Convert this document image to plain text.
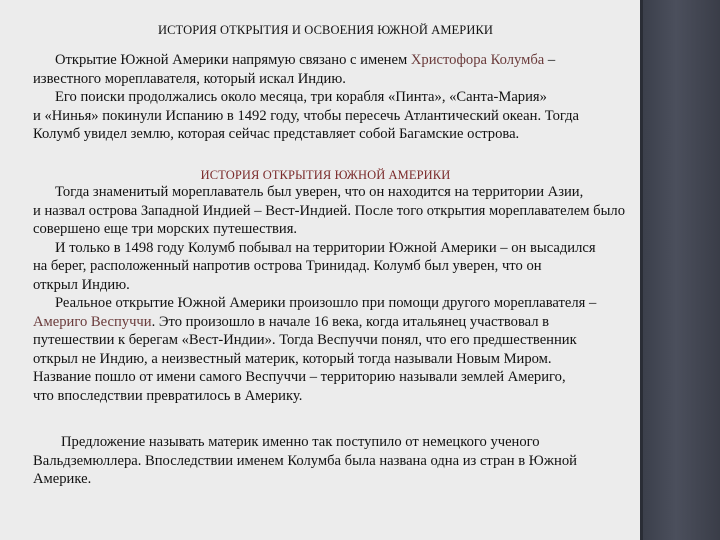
ИСТОРИЯ ОТКРЫТИЯ И ОСВОЕНИЯ ЮЖНОЙ АМЕРИКИ
Открытие Южной Америки напрямую связано с именем Христофора Колумба –
известного мореплавателя, который искал Индию.
Его поиски продолжались около месяца, три корабля «Пинта», «Санта-Мария»
и «Нинья» покинули Испанию в 1492 году, чтобы пересечь Атлантический океан. Тогда
Колумб увидел землю, которая сейчас представляет собой Багамские острова.
ИСТОРИЯ ОТКРЫТИЯ ЮЖНОЙ АМЕРИКИ
Тогда знаменитый мореплаватель был уверен, что он находится на территории Азии,
и назвал острова Западной Индией – Вест-Индией. После того открытия мореплавателем было
совершено еще три морских путешествия.
И только в 1498 году Колумб побывал на территории Южной Америки – он высадился
на берег, расположенный напротив острова Тринидад. Колумб был уверен, что он
открыл Индию.
Реальное открытие Южной Америки произошло при помощи другого мореплавателя –
Америго Веспуччи. Это произошло в начале 16 века, когда итальянец участвовал в
путешествии к берегам «Вест-Индии». Тогда Веспуччи понял, что его предшественник
открыл не Индию, а неизвестный материк, который тогда называли Новым Миром.
Название пошло от имени самого Веспуччи – территорию называли землей Америго,
что впоследствии превратилось в Америку.
Предложение называть материк именно так поступило от немецкого ученого
Вальдземюллера. Впоследствии именем Колумба была названа одна из стран в Южной
Америке.
